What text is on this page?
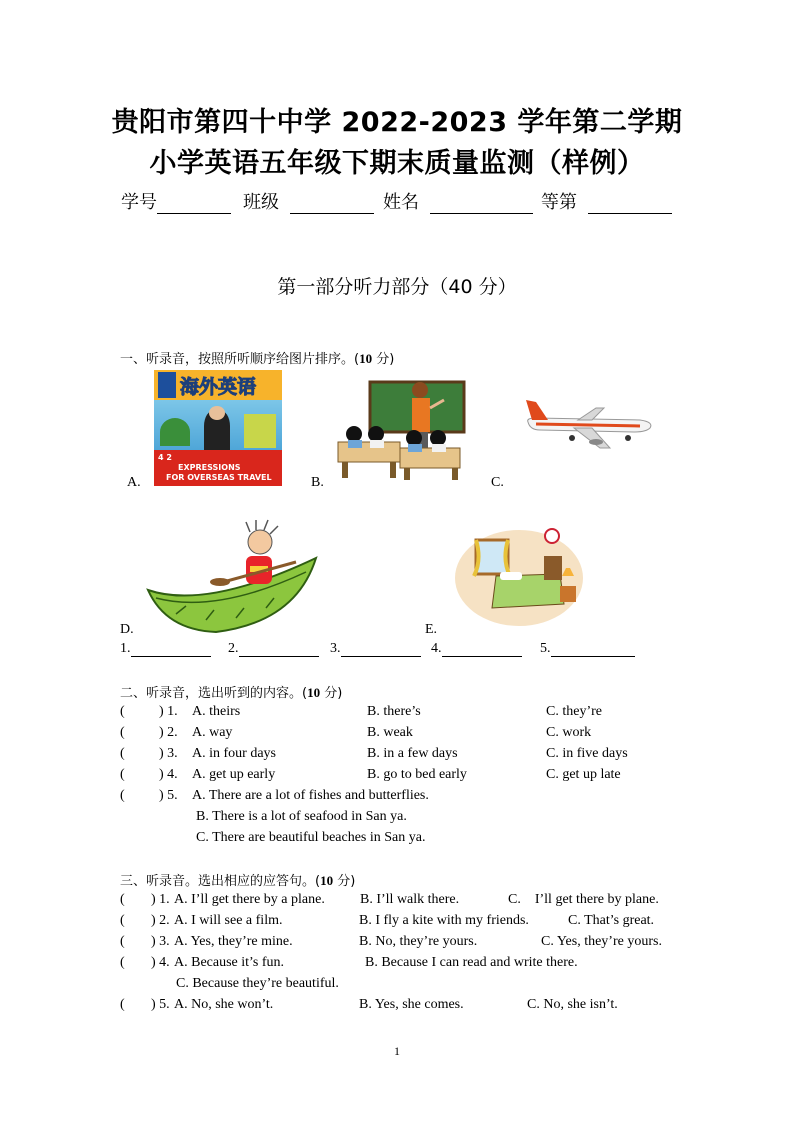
贵阳市第四十中学 2022-2023 学年第二学期
小学英语五年级下期末质量监测（样例）
学号	班级	姓名	等第
第一部分听力部分（40 分）
一、听录音，按照所听顺序给图片排序。(10 分)
海外英语
4 2
EXPRESSIONS
FOR OVERSEAS TRAVEL
A.	B.	C.
D.	E.
1.	2.	3.	4.	5.
二、听录音，选出听到的内容。(10 分)
( ) 1. A. theirs	B. there’s	C. they’re
( ) 2. A. way	B. weak	C. work
( ) 3. A. in four days	B. in a few days	C. in five days
( ) 4. A. get up early	B. go to bed early	C. get up late
( ) 5. A. There are a lot of fishes and butterflies.
B. There is a lot of seafood in San ya.
C. There are beautiful beaches in San ya.
三、听录音。选出相应的应答句。(10 分)
( ) 1. A. I’ll get there by a plane.	B. I’ll walk there.	C.    I’ll get there by plane.
( ) 2. A. I will see a film.	B. I fly a kite with my friends.	C. That’s great.
( ) 3. A. Yes, they’re mine.	B. No, they’re yours.	C. Yes, they’re yours.
( ) 4. A. Because it’s fun.	B. Because I can read and write there.
C. Because they’re beautiful.
( ) 5. A. No, she won’t.	B. Yes, she comes.	C. No, she isn’t.
1
